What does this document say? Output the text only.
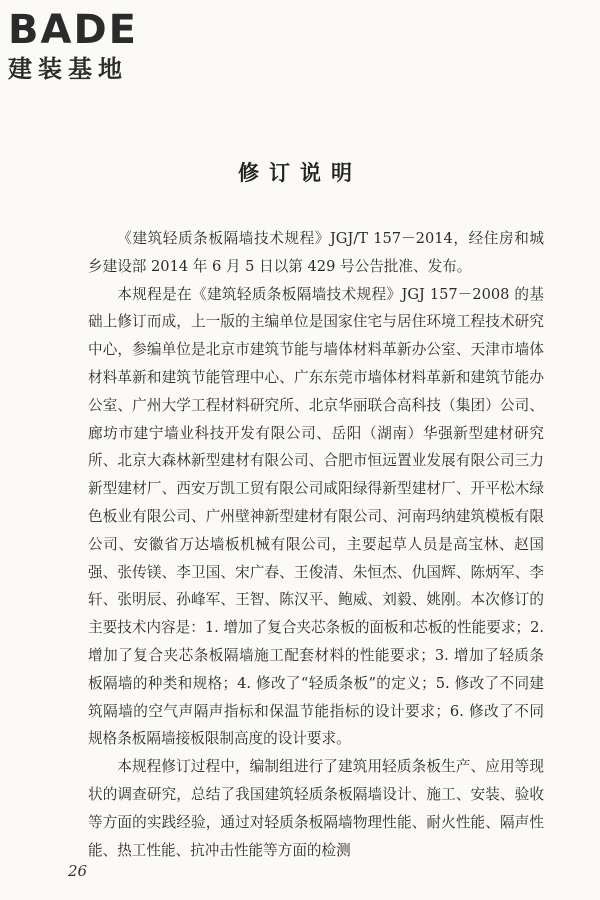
BADE
建装基地
修订说明

《建筑轻质条板隔墙技术规程》JGJ/T 157－2014，经住房和城乡建设部 2014 年 6 月 5 日以第 429 号公告批准、发布。

本规程是在《建筑轻质条板隔墙技术规程》JGJ 157－2008 的基础上修订而成，上一版的主编单位是国家住宅与居住环境工程技术研究中心，参编单位是北京市建筑节能与墙体材料革新办公室、天津市墙体材料革新和建筑节能管理中心、广东东莞市墙体材料革新和建筑节能办公室、广州大学工程材料研究所、北京华丽联合高科技（集团）公司、廊坊市建宁墙业科技开发有限公司、岳阳（湖南）华强新型建材研究所、北京大森林新型建材有限公司、合肥市恒远置业发展有限公司三力新型建材厂、西安万凯工贸有限公司咸阳绿得新型建材厂、开平松木绿色板业有限公司、广州壁神新型建材有限公司、河南玛纳建筑模板有限公司、安徽省万达墙板机械有限公司，主要起草人员是高宝林、赵国强、张传镁、李卫国、宋广春、王俊清、朱恒杰、仇国辉、陈炳军、李轩、张明辰、孙峰军、王智、陈汉平、鲍威、刘毅、姚刚。本次修订的主要技术内容是：1. 增加了复合夹芯条板的面板和芯板的性能要求；2. 增加了复合夹芯条板隔墙施工配套材料的性能要求；3. 增加了轻质条板隔墙的种类和规格；4. 修改了“轻质条板”的定义；5. 修改了不同建筑隔墙的空气声隔声指标和保温节能指标的设计要求；6. 修改了不同规格条板隔墙接板限制高度的设计要求。

本规程修订过程中，编制组进行了建筑用轻质条板生产、应用等现状的调查研究，总结了我国建筑轻质条板隔墙设计、施工、安装、验收等方面的实践经验，通过对轻质条板隔墙物理性能、耐火性能、隔声性能、热工性能、抗冲击性能等方面的检测

26
